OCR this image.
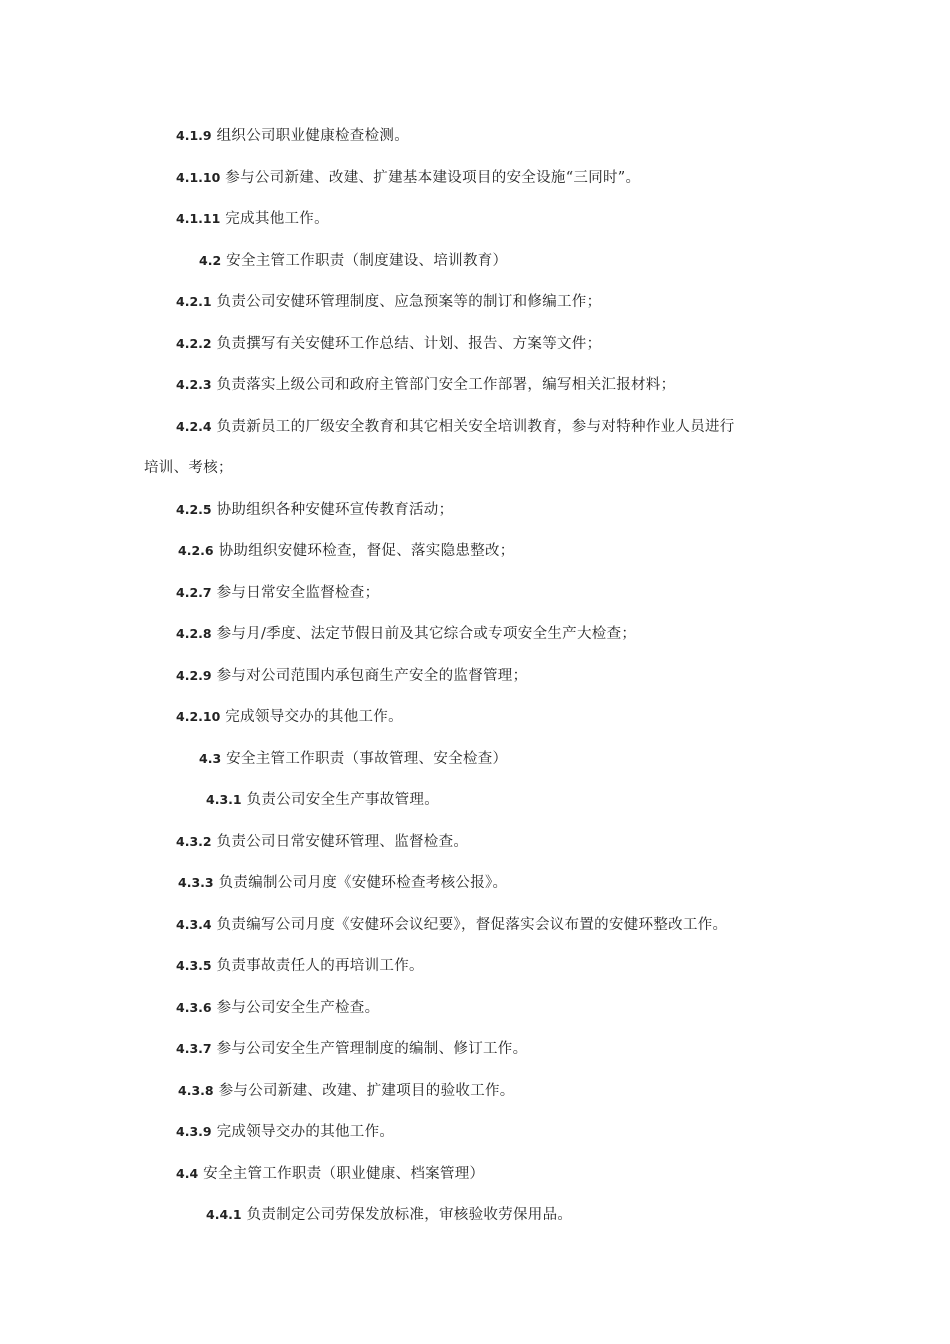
4.1.9 组织公司职业健康检查检测。
4.1.10 参与公司新建、改建、扩建基本建设项目的安全设施“三同时”。
4.1.11 完成其他工作。
4.2 安全主管工作职责（制度建设、培训教育）
4.2.1 负责公司安健环管理制度、应急预案等的制订和修编工作；
4.2.2 负责撰写有关安健环工作总结、计划、报告、方案等文件；
4.2.3 负责落实上级公司和政府主管部门安全工作部署，编写相关汇报材料；
4.2.4 负责新员工的厂级安全教育和其它相关安全培训教育，参与对特种作业人员进行
培训、考核；
4.2.5 协助组织各种安健环宣传教育活动；
4.2.6 协助组织安健环检查，督促、落实隐患整改；
4.2.7 参与日常安全监督检查；
4.2.8 参与月/季度、法定节假日前及其它综合或专项安全生产大检查；
4.2.9 参与对公司范围内承包商生产安全的监督管理；
4.2.10 完成领导交办的其他工作。
4.3 安全主管工作职责（事故管理、安全检查）
4.3.1 负责公司安全生产事故管理。
4.3.2 负责公司日常安健环管理、监督检查。
4.3.3 负责编制公司月度《安健环检查考核公报》。
4.3.4 负责编写公司月度《安健环会议纪要》，督促落实会议布置的安健环整改工作。
4.3.5 负责事故责任人的再培训工作。
4.3.6 参与公司安全生产检查。
4.3.7 参与公司安全生产管理制度的编制、修订工作。
4.3.8 参与公司新建、改建、扩建项目的验收工作。
4.3.9 完成领导交办的其他工作。
4.4 安全主管工作职责（职业健康、档案管理）
4.4.1 负责制定公司劳保发放标准，审核验收劳保用品。
